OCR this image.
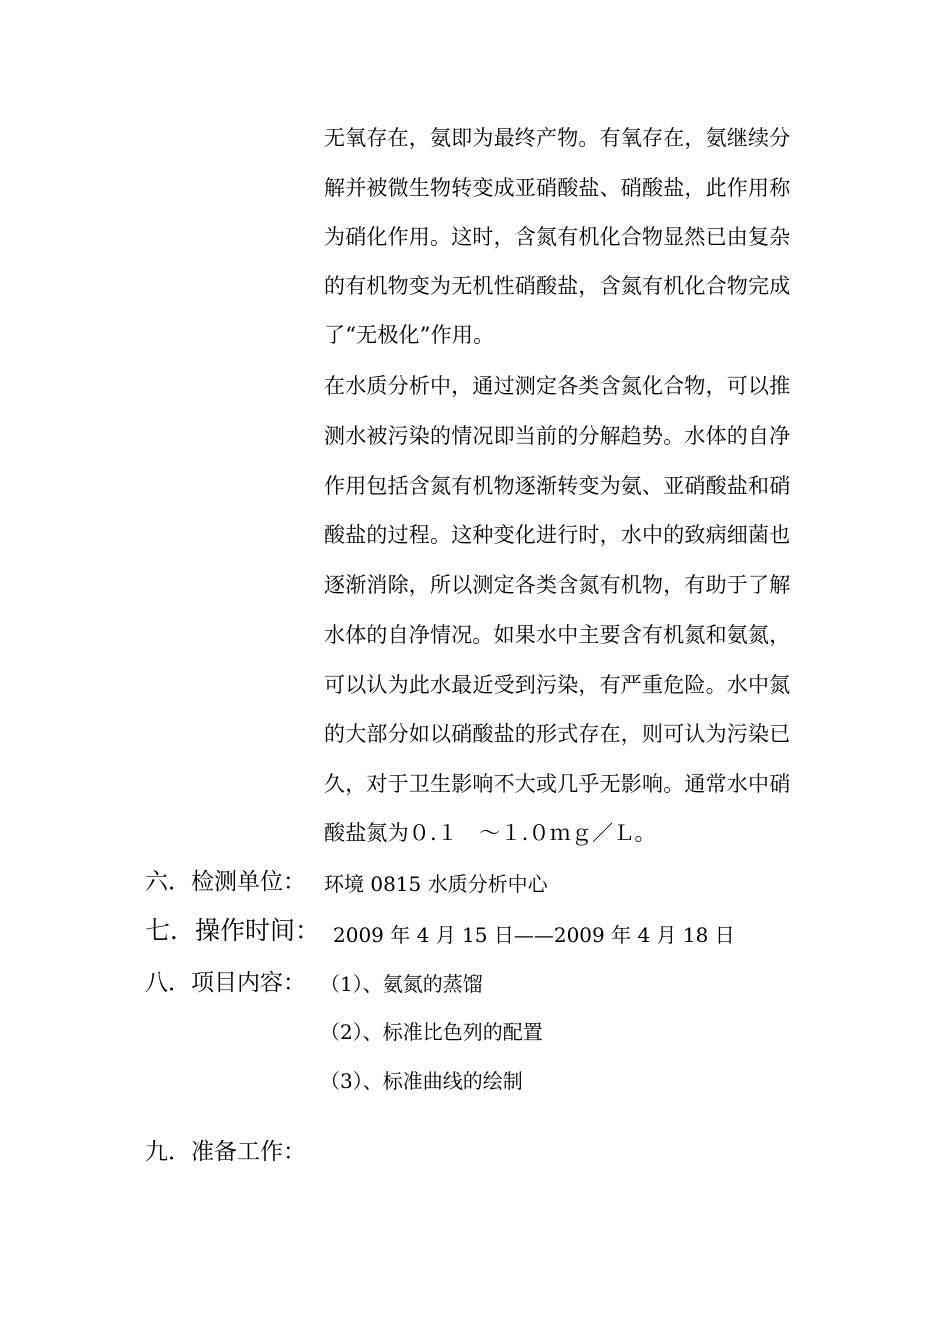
无氧存在，氨即为最终产物。有氧存在，氨继续分
解并被微生物转变成亚硝酸盐、硝酸盐，此作用称
为硝化作用。这时，含氮有机化合物显然已由复杂
的有机物变为无机性硝酸盐，含氮有机化合物完成
了“无极化”作用。
在水质分析中，通过测定各类含氮化合物，可以推
测水被污染的情况即当前的分解趋势。水体的自净
作用包括含氮有机物逐渐转变为氨、亚硝酸盐和硝
酸盐的过程。这种变化进行时，水中的致病细菌也
逐渐消除，所以测定各类含氮有机物，有助于了解
水体的自净情况。如果水中主要含有机氮和氨氮，
可以认为此水最近受到污染，有严重危险。水中氮
的大部分如以硝酸盐的形式存在，则可认为污染已
久，对于卫生影响不大或几乎无影响。通常水中硝
酸盐氮为０.１　～１.０ｍｇ／Ｌ。
六．检测单位： 环境 0815 水质分析中心
七．操作时间： 2009 年 4 月 15 日——2009 年 4 月 18 日
八．项目内容： （1）、氨氮的蒸馏
（2）、标准比色列的配置
（3）、标准曲线的绘制
九．准备工作：
